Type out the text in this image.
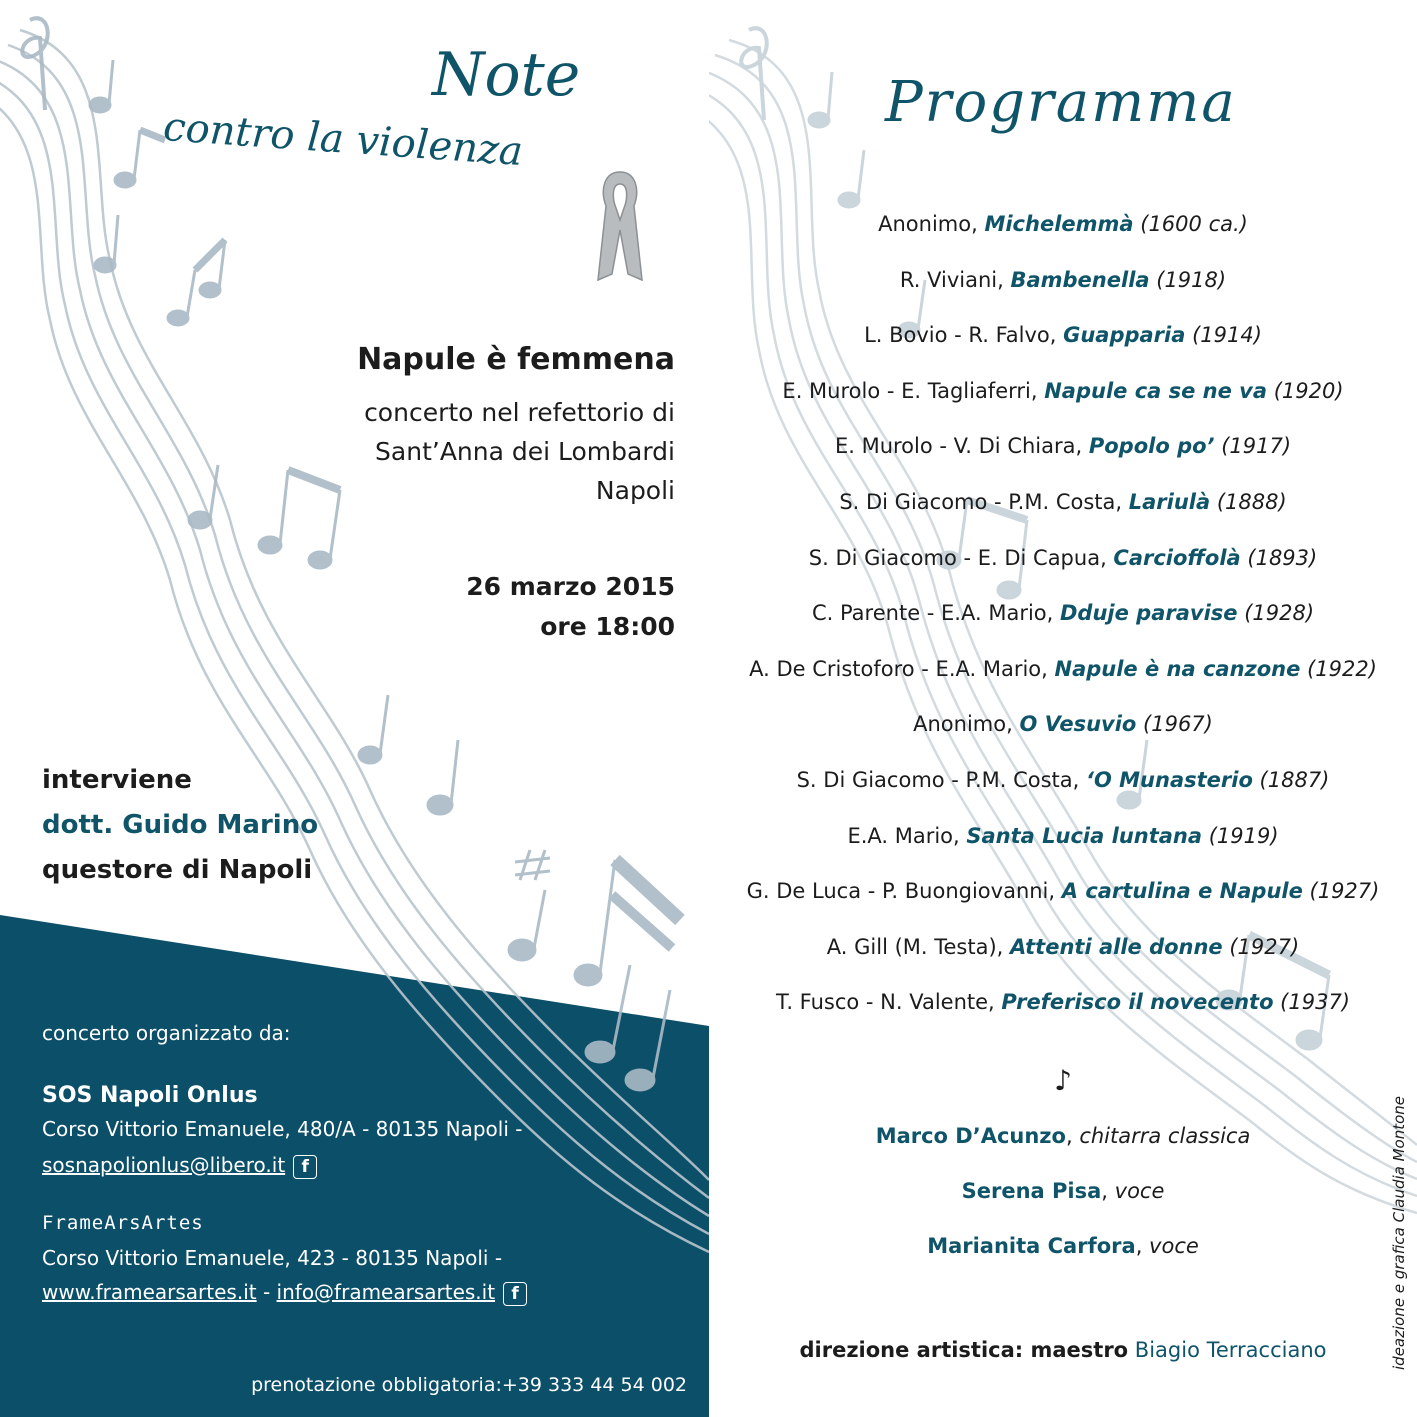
Note
contro la violenza
Napule è femmena
concerto nel refettorio di
Sant’Anna dei Lombardi
Napoli
26 marzo 2015
ore 18:00
interviene
dott. Guido Marino
questore di Napoli
concerto organizzato da:
SOS Napoli Onlus
Corso Vittorio Emanuele, 480/A - 80135 Napoli -
sosnapolionlus@libero.it f
FrameArsArtes
Corso Vittorio Emanuele, 423 - 80135 Napoli -
www.framearsartes.it - info@framearsartes.it f
prenotazione obbligatoria:+39 333 44 54 002
Programma
Anonimo, Michelemmà (1600 ca.)
R. Viviani, Bambenella (1918)
L. Bovio - R. Falvo, Guapparia (1914)
E. Murolo - E. Tagliaferri, Napule ca se ne va (1920)
E. Murolo - V. Di Chiara, Popolo po’ (1917)
S. Di Giacomo - P.M. Costa, Lariulà (1888)
S. Di Giacomo - E. Di Capua, Carcioffolà (1893)
C. Parente - E.A. Mario, Dduje paravise (1928)
A. De Cristoforo - E.A. Mario, Napule è na canzone (1922)
Anonimo, O Vesuvio (1967)
S. Di Giacomo - P.M. Costa, ‘O Munasterio (1887)
E.A. Mario, Santa Lucia luntana (1919)
G. De Luca - P. Buongiovanni, A cartulina e Napule (1927)
A. Gill (M. Testa), Attenti alle donne (1927)
T. Fusco - N. Valente, Preferisco il novecento (1937)
♪
Marco D’Acunzo, chitarra classica
Serena Pisa, voce
Marianita Carfora, voce
direzione artistica: maestro Biagio Terracciano	ideazione e grafica Claudia Montone
